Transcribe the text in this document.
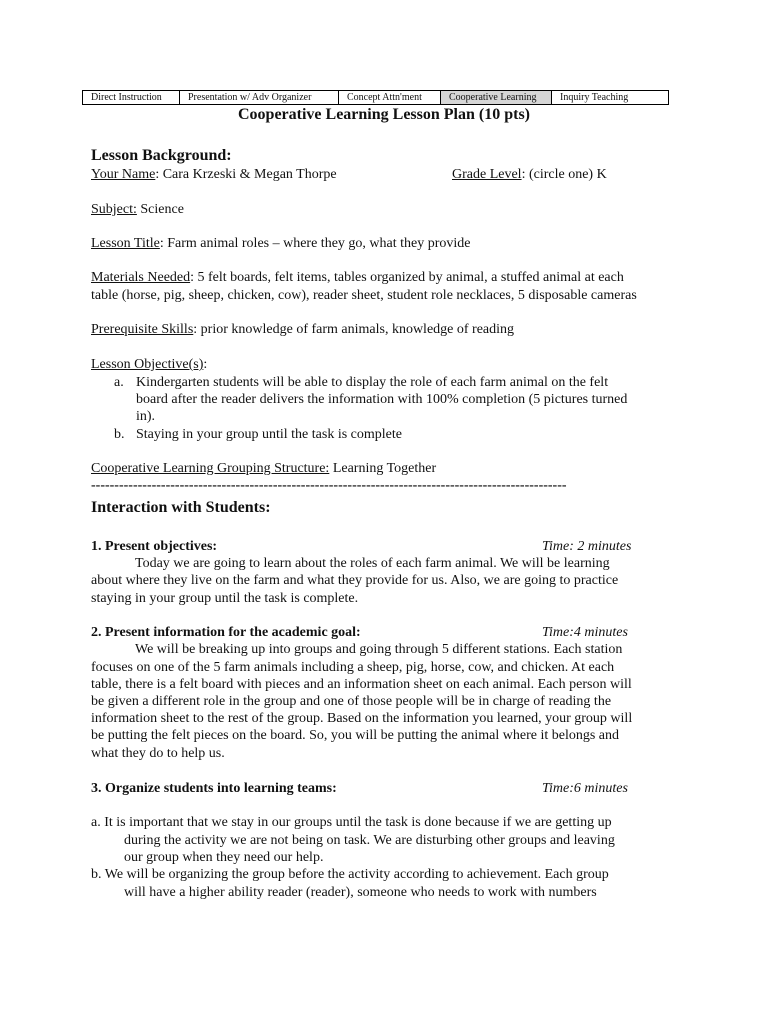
Direct Instruction	Presentation w/ Adv Organizer	Concept Attn'ment	Cooperative Learning	Inquiry Teaching
Cooperative Learning Lesson Plan (10 pts)
Lesson Background:
Your Name: Cara Krzeski & Megan Thorpe	Grade Level: (circle one) K
Subject: Science
Lesson Title: Farm animal roles – where they go, what they provide
Materials Needed: 5 felt boards, felt items, tables organized by animal, a stuffed animal at each
table (horse, pig, sheep, chicken, cow), reader sheet, student role necklaces, 5 disposable cameras
Prerequisite Skills: prior knowledge of farm animals, knowledge of reading
Lesson Objective(s):
a. Kindergarten students will be able to display the role of each farm animal on the felt
board after the reader delivers the information with 100% completion (5 pictures turned
in).
b. Staying in your group until the task is complete
Cooperative Learning Grouping Structure: Learning Together
------------------------------------------------------------------------------------------------------
Interaction with Students:
1. Present objectives:	Time: 2 minutes
Today we are going to learn about the roles of each farm animal. We will be learning
about where they live on the farm and what they provide for us. Also, we are going to practice
staying in your group until the task is complete.
2. Present information for the academic goal:	Time:4 minutes
We will be breaking up into groups and going through 5 different stations. Each station
focuses on one of the 5 farm animals including a sheep, pig, horse, cow, and chicken. At each
table, there is a felt board with pieces and an information sheet on each animal. Each person will
be given a different role in the group and one of those people will be in charge of reading the
information sheet to the rest of the group. Based on the information you learned, your group will
be putting the felt pieces on the board. So, you will be putting the animal where it belongs and
what they do to help us.
3. Organize students into learning teams:	Time:6 minutes
a. It is important that we stay in our groups until the task is done because if we are getting up
during the activity we are not being on task. We are disturbing other groups and leaving
our group when they need our help.
b. We will be organizing the group before the activity according to achievement. Each group
will have a higher ability reader (reader), someone who needs to work with numbers
